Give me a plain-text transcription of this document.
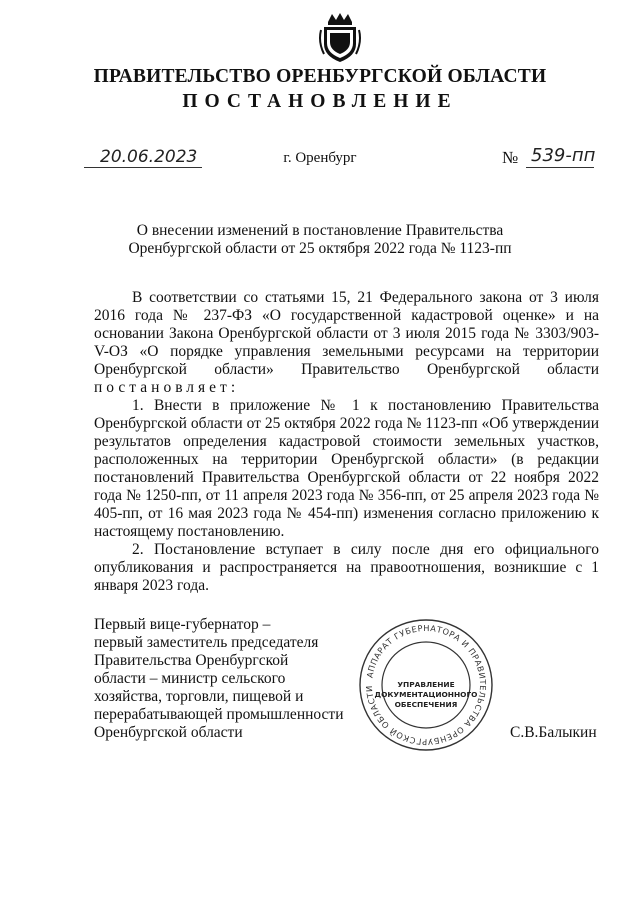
ПРАВИТЕЛЬСТВО ОРЕНБУРГСКОЙ ОБЛАСТИ
ПОСТАНОВЛЕНИЕ
20.06.2023	г. Оренбург	№ 539-пп
О внесении изменений в постановление Правительства
Оренбургской области от 25 октября 2022 года № 1123-пп

В соответствии со статьями 15, 21 Федерального закона от 3 июля 2016 года № 237-ФЗ «О государственной кадастровой оценке» и на основании Закона Оренбургской области от 3 июля 2015 года № 3303/903-V-ОЗ «О порядке управления земельными ресурсами на территории Оренбургской области» Правительство Оренбургской области постановляет:

1. Внести в приложение № 1 к постановлению Правительства Оренбургской области от 25 октября 2022 года № 1123-пп «Об утверждении результатов определения кадастровой стоимости земельных участков, расположенных на территории Оренбургской области» (в редакции постановлений Правительства Оренбургской области от 22 ноября 2022 года № 1250-пп, от 11 апреля 2023 года № 356-пп, от 25 апреля 2023 года № 405-пп, от 16 мая 2023 года № 454-пп) изменения согласно приложению к настоящему постановлению.

2. Постановление вступает в силу после дня его официального опубликования и распространяется на правоотношения, возникшие с 1 января 2023 года.

Первый вице-губернатор –
первый заместитель председателя
Правительства Оренбургской
области – министр сельского
хозяйства, торговли, пищевой и
перерабатывающей промышленности
Оренбургской области	С.В.Балыкин
АППАРАТ ГУБЕРНАТОРА И ПРАВИТЕЛЬСТВА ОРЕНБУРГСКОЙ ОБЛАСТИ	УПРАВЛЕНИЕ
ДОКУМЕНТАЦИОННОГО
ОБЕСПЕЧЕНИЯ
